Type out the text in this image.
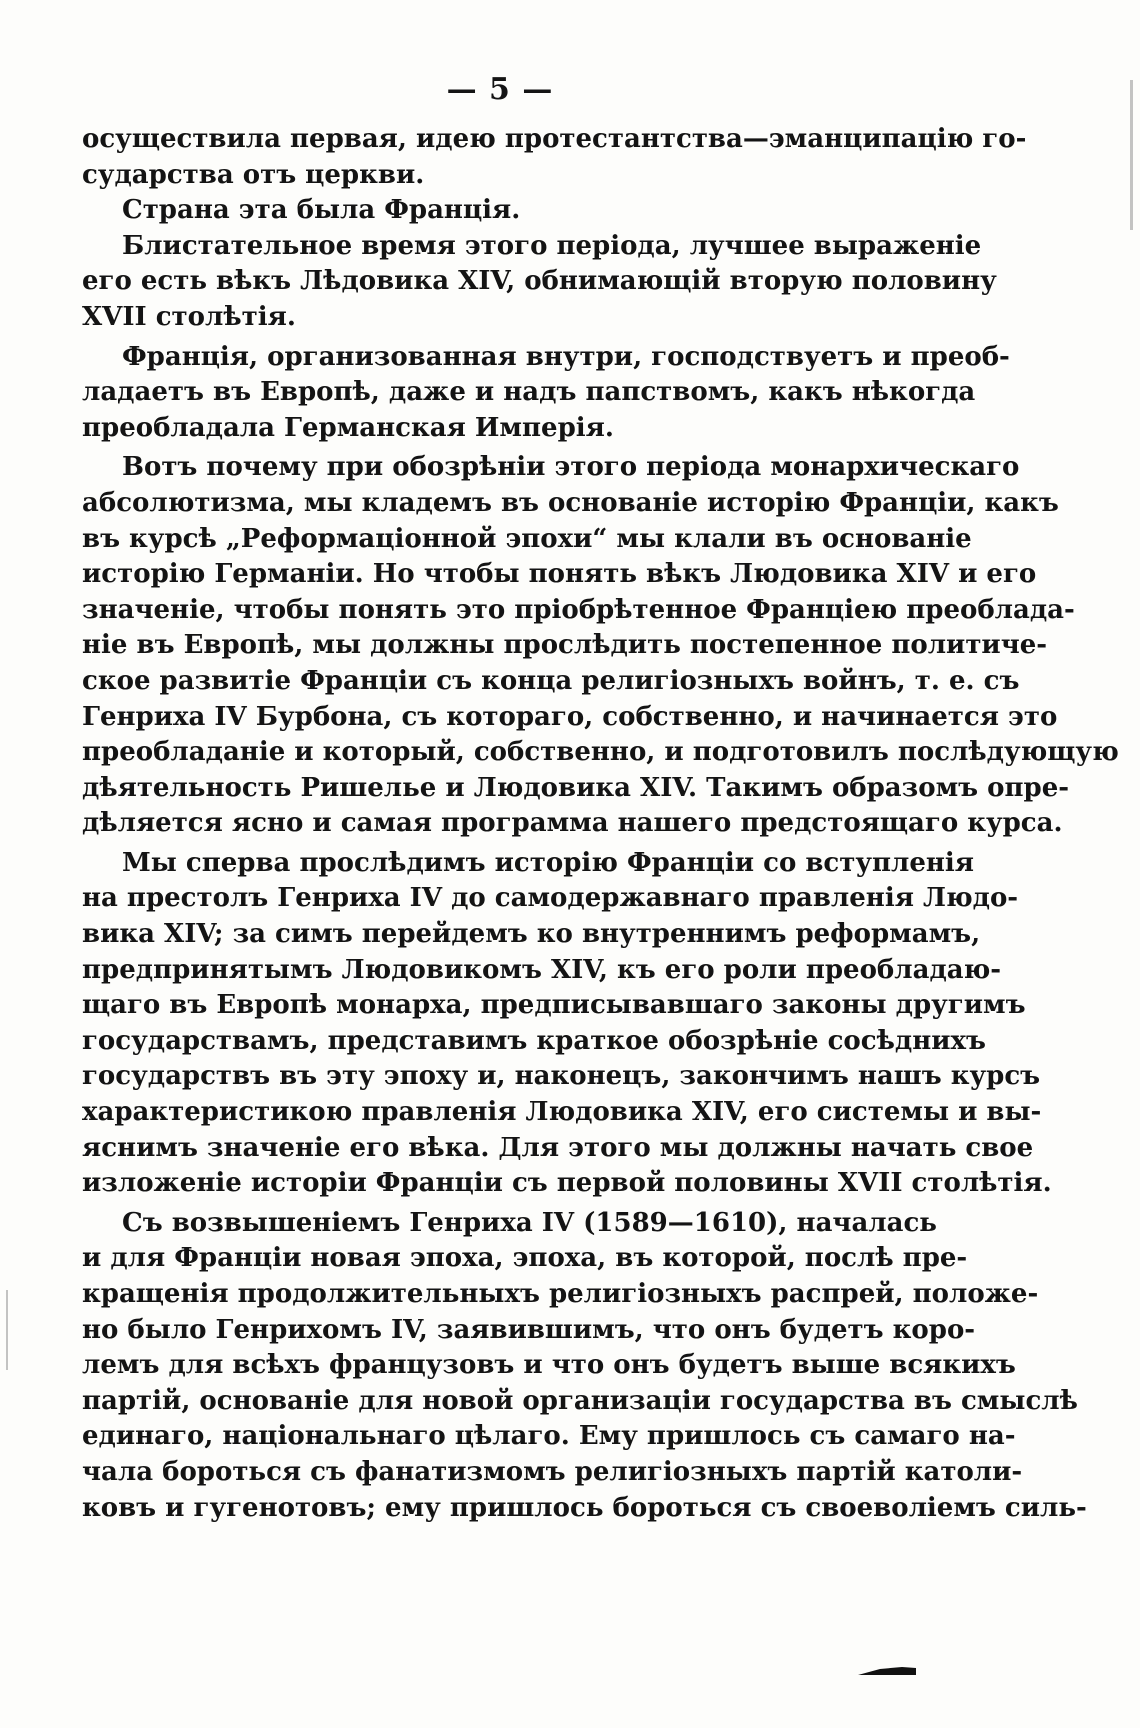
— 5 —
осуществила первая, идею протестантства—эманципацію го-
сударства отъ церкви.
Страна эта была Франція.
Блистательное время этого періода, лучшее выраженіе
его есть вѣкъ Лѣдовика XIV, обнимающій вторую половину
XVII столѣтія.
Франція, организованная внутри, господствуетъ и преоб-
ладаетъ въ Европѣ, даже и надъ папствомъ, какъ нѣкогда
преобладала Германская Имперія.
Вотъ почему при обозрѣніи этого періода монархическаго
абсолютизма, мы кладемъ въ основаніе исторію Франціи, какъ
въ курсѣ „Реформаціонной эпохи“ мы клали въ основаніе
исторію Германіи. Но чтобы понять вѣкъ Людовика XIV и его
значеніе, чтобы понять это пріобрѣтенное Франціею преоблада-
ніе въ Европѣ, мы должны прослѣдить постепенное политиче-
ское развитіе Франціи съ конца религіозныхъ войнъ, т. е. съ
Генриха IV Бурбона, съ котораго, собственно, и начинается это
преобладаніе и который, собственно, и подготовилъ послѣдующую
дѣятельность Ришелье и Людовика XIV. Такимъ образомъ опре-
дѣляется ясно и самая программа нашего предстоящаго курса.
Мы сперва прослѣдимъ исторію Франціи со вступленія
на престолъ Генриха IV до самодержавнаго правленія Людо-
вика XIV; за симъ перейдемъ ко внутреннимъ реформамъ,
предпринятымъ Людовикомъ XIV, къ его роли преобладаю-
щаго въ Европѣ монарха, предписывавшаго законы другимъ
государствамъ, представимъ краткое обозрѣніе сосѣднихъ
государствъ въ эту эпоху и, наконецъ, закончимъ нашъ курсъ
характеристикою правленія Людовика XIV, его системы и вы-
яснимъ значеніе его вѣка. Для этого мы должны начать свое
изложеніе исторіи Франціи съ первой половины XVII столѣтія.
Съ возвышеніемъ Генриха IV (1589—1610), началась
и для Франціи новая эпоха, эпоха, въ которой, послѣ пре-
кращенія продолжительныхъ религіозныхъ распрей, положе-
но было Генрихомъ IV, заявившимъ, что онъ будетъ коро-
лемъ для всѣхъ французовъ и что онъ будетъ выше всякихъ
партій, основаніе для новой организаціи государства въ смыслѣ
единаго, національнаго цѣлаго. Ему пришлось съ самаго на-
чала бороться съ фанатизмомъ религіозныхъ партій католи-
ковъ и гугенотовъ; ему пришлось бороться съ своеволіемъ силь-
